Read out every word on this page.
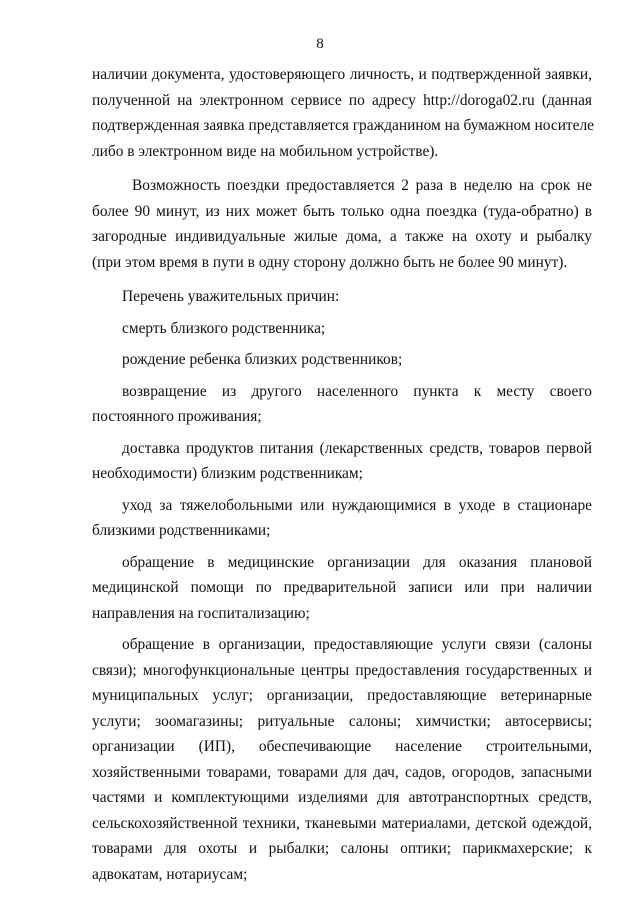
8
наличии документа, удостоверяющего личность, и подтвержденной заявки,
полученной на электронном сервисе по адресу http://doroga02.ru (данная
подтвержденная заявка представляется гражданином на бумажном носителе
либо в электронном виде на мобильном устройстве).
Возможность поездки предоставляется 2 раза в неделю на срок не
более 90 минут, из них может быть только одна поездка (туда-обратно) в
загородные индивидуальные жилые дома, а также на охоту и рыбалку
(при этом время в пути в одну сторону должно быть не более 90 минут).
Перечень уважительных причин:
смерть близкого родственника;
рождение ребенка близких родственников;
возвращение из другого населенного пункта к месту своего
постоянного проживания;
доставка продуктов питания (лекарственных средств, товаров первой
необходимости) близким родственникам;
уход за тяжелобольными или нуждающимися в уходе в стационаре
близкими родственниками;
обращение в медицинские организации для оказания плановой
медицинской помощи по предварительной записи или при наличии
направления на госпитализацию;
обращение в организации, предоставляющие услуги связи (салоны
связи); многофункциональные центры предоставления государственных и
муниципальных услуг; организации, предоставляющие ветеринарные
услуги; зоомагазины; ритуальные салоны; химчистки; автосервисы;
организации (ИП), обеспечивающие население строительными,
хозяйственными товарами, товарами для дач, садов, огородов, запасными
частями и комплектующими изделиями для автотранспортных средств,
сельскохозяйственной техники, тканевыми материалами, детской одеждой,
товарами для охоты и рыбалки; салоны оптики; парикмахерские; к
адвокатам, нотариусам;
